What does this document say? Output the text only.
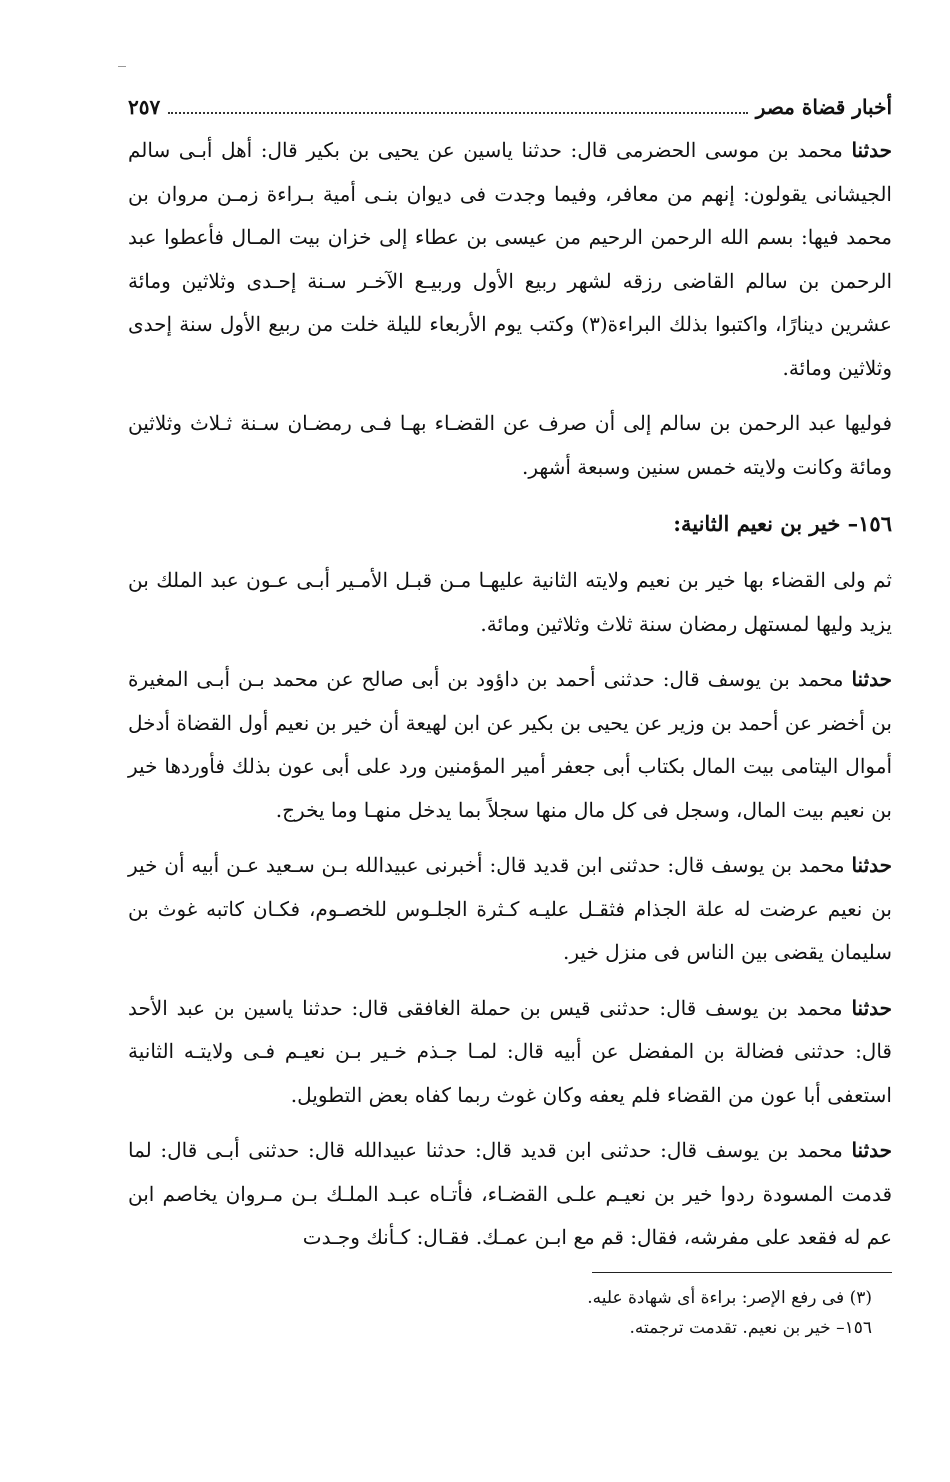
أخبار قضاة مصر
٢٥٧

حدثنا محمد بن موسى الحضرمى قال: حدثنا ياسين عن يحيى بن بكير قال: أهل أبـى سالم الجيشانى يقولون: إنهم من معافر، وفيما وجدت فى ديوان بنـى أمية بـراءة زمـن مروان بن محمد فيها: بسم الله الرحمن الرحيم من عيسى بن عطاء إلى خزان بيت المـال فأعطوا عبد الرحمن بن سالم القاضى رزقه لشهر ربيع الأول وربيـع الآخـر سـنة إحـدى وثلاثين ومائة عشرين دينارًا، واكتبوا بذلك البراءة(٣) وكتب يوم الأربعاء لليلة خلت من ربيع الأول سنة إحدى وثلاثين ومائة.

فوليها عبد الرحمن بن سالم إلى أن صرف عن القضـاء بهـا فـى رمضـان سـنة ثـلاث وثلاثين ومائة وكانت ولايته خمس سنين وسبعة أشهر.

١٥٦– خير بن نعيم الثانية:

ثم ولى القضاء بها خير بن نعيم ولايته الثانية عليهـا مـن قبـل الأمـير أبـى عـون عبد الملك بن يزيد وليها لمستهل رمضان سنة ثلاث وثلاثين ومائة.

حدثنا محمد بن يوسف قال: حدثنى أحمد بن داؤود بن أبى صالح عن محمد بـن أبـى المغيرة بن أخضر عن أحمد بن وزير عن يحيى بن بكير عن ابن لهيعة أن خير بن نعيم أول القضاة أدخل أموال اليتامى بيت المال بكتاب أبى جعفر أمير المؤمنين ورد على أبى عون بذلك فأوردها خير بن نعيم بيت المال، وسجل فى كل مال منها سجلاً بما يدخل منهـا وما يخرج.

حدثنا محمد بن يوسف قال: حدثنى ابن قديد قال: أخبرنى عبيدالله بـن سـعيد عـن أبيه أن خير بن نعيم عرضت له علة الجذام فثقـل عليـه كـثرة الجلـوس للخصـوم، فكـان كاتبه غوث بن سليمان يقضى بين الناس فى منزل خير.

حدثنا محمد بن يوسف قال: حدثنى قيس بن حملة الغافقى قال: حدثنا ياسين بن عبد الأحد قال: حدثنى فضالة بن المفضل عن أبيه قال: لمـا جـذم خـير بـن نعيـم فـى ولايتـه الثانية استعفى أبا عون من القضاء فلم يعفه وكان غوث ربما كفاه بعض التطويل.

حدثنا محمد بن يوسف قال: حدثنى ابن قديد قال: حدثنا عبيدالله قال: حدثنى أبـى قال: لما قدمت المسودة ردوا خير بن نعيـم علـى القضـاء، فأتـاه عبـد الملـك بـن مـروان يخاصم ابن عم له فقعد على مفرشه، فقال: قم مع ابـن عمـك. فقـال: كـأنك وجـدت

(٣) فى رفع الإصر: براءة أى شهادة عليه.
١٥٦– خير بن نعيم. تقدمت ترجمته.
